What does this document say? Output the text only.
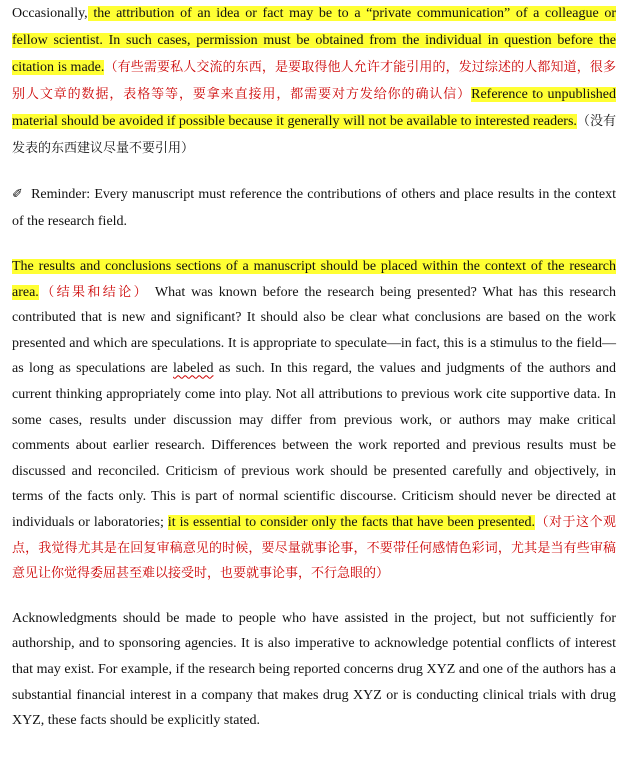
Occasionally, the attribution of an idea or fact may be to a “private communication” of a colleague or fellow scientist. In such cases, permission must be obtained from the individual in question before the citation is made.（有些需要私人交流的东西，是要取得他人允许才能引用的，发过综述的人都知道，很多别人文章的数据，表格等等，要拿来直接用，都需要对方发给你的确认信）Reference to unpublished material should be avoided if possible because it generally will not be available to interested readers.（没有发表的东西建议尽量不要引用）

✐ Reminder: Every manuscript must reference the contributions of others and place results in the context of the research field.

The results and conclusions sections of a manuscript should be placed within the context of the research area.（结果和结论） What was known before the research being presented? What has this research contributed that is new and significant? It should also be clear what conclusions are based on the work presented and which are speculations. It is appropriate to speculate—in fact, this is a stimulus to the field—as long as speculations are labeled as such. In this regard, the values and judgments of the authors and current thinking appropriately come into play. Not all attributions to previous work cite supportive data. In some cases, results under discussion may differ from previous work, or authors may make critical comments about earlier research. Differences between the work reported and previous results must be discussed and reconciled. Criticism of previous work should be presented carefully and objectively, in terms of the facts only. This is part of normal scientific discourse. Criticism should never be directed at individuals or laboratories; it is essential to consider only the facts that have been presented.（对于这个观点，我觉得尤其是在回复审稿意见的时候，要尽量就事论事，不要带任何感情色彩词，尤其是当有些审稿意见让你觉得委屈甚至难以接受时，也要就事论事，不行急眼的）

Acknowledgments should be made to people who have assisted in the project, but not sufficiently for authorship, and to sponsoring agencies. It is also imperative to acknowledge potential conflicts of interest that may exist. For example, if the research being reported concerns drug XYZ and one of the authors has a substantial financial interest in a company that makes drug XYZ or is conducting clinical trials with drug XYZ, these facts should be explicitly stated.
